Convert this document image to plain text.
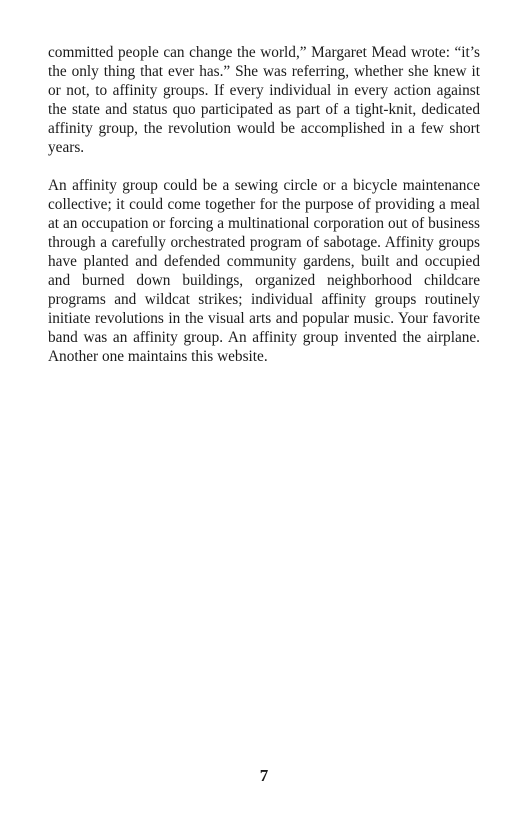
committed people can change the world,” Margaret Mead wrote: “it’s the only thing that ever has.” She was referring, whether she knew it or not, to affinity groups. If every individual in every action against the state and status quo participated as part of a tight-knit, dedicated affinity group, the revolution would be accomplished in a few short years.

An affinity group could be a sewing circle or a bicycle maintenance collective; it could come together for the purpose of providing a meal at an occupation or forcing a multinational corporation out of business through a carefully orchestrated program of sabotage. Affinity groups have planted and defended community gardens, built and occupied and burned down buildings, organized neighborhood childcare programs and wildcat strikes; individual affinity groups routinely initiate revolutions in the visual arts and popular music. Your favorite band was an affinity group. An affinity group invented the airplane. Another one maintains this website.

7
